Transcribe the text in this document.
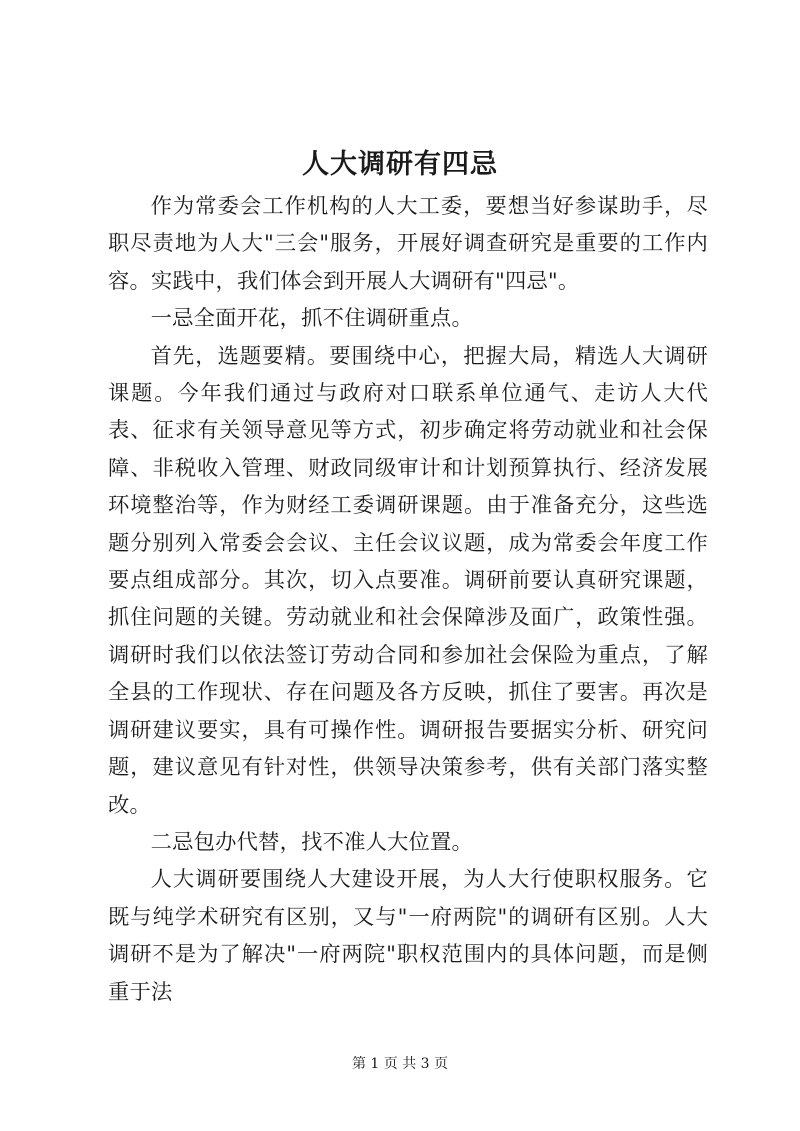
人大调研有四忌

作为常委会工作机构的人大工委，要想当好参谋助手，尽职尽责地为人大"三会"服务，开展好调查研究是重要的工作内容。实践中，我们体会到开展人大调研有"四忌"。

一忌全面开花，抓不住调研重点。

首先，选题要精。要围绕中心，把握大局，精选人大调研课题。今年我们通过与政府对口联系单位通气、走访人大代表、征求有关领导意见等方式，初步确定将劳动就业和社会保障、非税收入管理、财政同级审计和计划预算执行、经济发展环境整治等，作为财经工委调研课题。由于准备充分，这些选题分别列入常委会会议、主任会议议题，成为常委会年度工作要点组成部分。其次，切入点要准。调研前要认真研究课题，抓住问题的关键。劳动就业和社会保障涉及面广，政策性强。调研时我们以依法签订劳动合同和参加社会保险为重点，了解全县的工作现状、存在问题及各方反映，抓住了要害。再次是调研建议要实，具有可操作性。调研报告要据实分析、研究问题，建议意见有针对性，供领导决策参考，供有关部门落实整改。

二忌包办代替，找不准人大位置。

人大调研要围绕人大建设开展，为人大行使职权服务。它既与纯学术研究有区别，又与"一府两院"的调研有区别。人大调研不是为了解决"一府两院"职权范围内的具体问题，而是侧重于法

第 1 页 共 3 页
